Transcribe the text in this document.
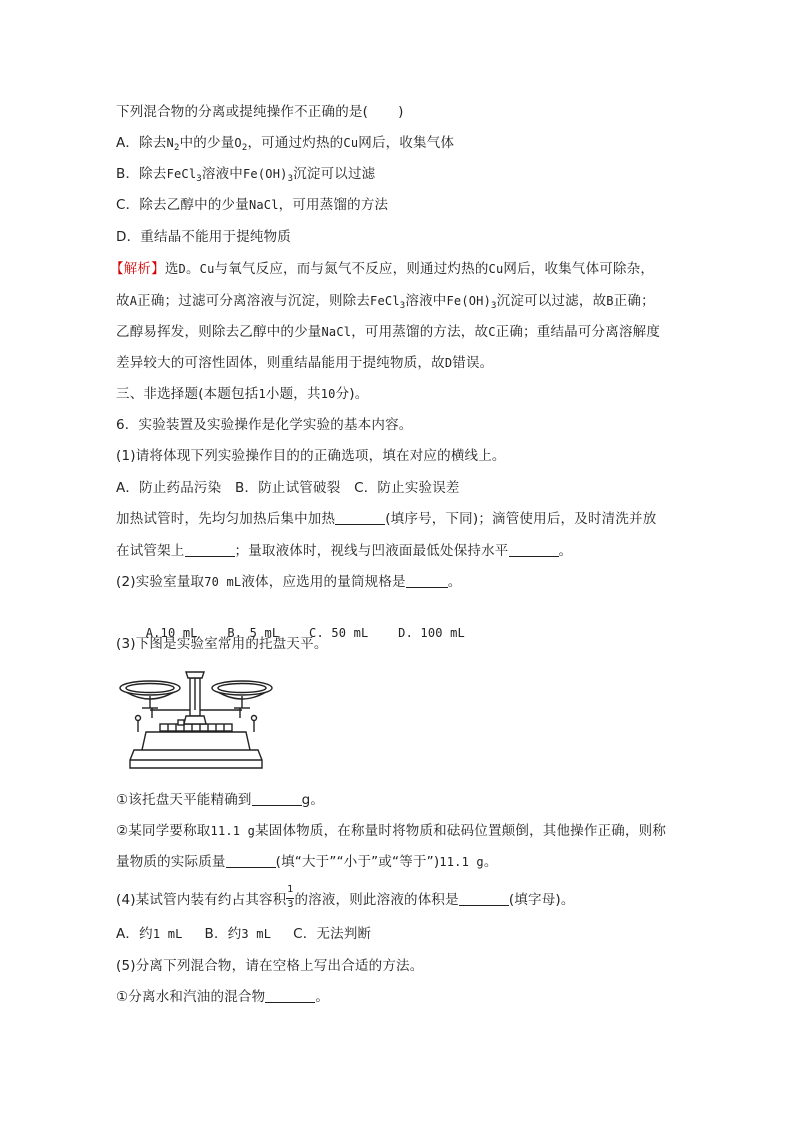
下列混合物的分离或提纯操作不正确的是( )
A．除去$N_2$中的少量$O_2$，可通过灼热的Cu网后，收集气体
B．除去FeCl$_3$溶液中$Fe(OH)_3$沉淀可以过滤
C．除去乙醇中的少量NaCl，可用蒸馏的方法
D．重结晶不能用于提纯物质
【解析】选D。Cu与氧气反应，而与氮气不反应，则通过灼热的Cu网后，收集气体可除杂，
故A正确；过滤可分离溶液与沉淀，则除去FeCl$_3$溶液中$Fe(OH)_3$沉淀可以过滤，故B正确；
乙醇易挥发，则除去乙醇中的少量NaCl，可用蒸馏的方法，故C正确；重结晶可分离溶解度
差异较大的可溶性固体，则重结晶能用于提纯物质，故D错误。
三、非选择题(本题包括1小题，共10分)。
6．实验装置及实验操作是化学实验的基本内容。
(1)请将体现下列实验操作目的的正确选项，填在对应的横线上。
A．防止药品污染　B．防止试管破裂　C．防止实验误差
加热试管时，先均匀加热后集中加热	(填序号，下同)；滴管使用后，及时清洗并放
在试管架上	；量取液体时，视线与凹液面最低处保持水平	。
(2)实验室量取70 mL液体，应选用的量筒规格是	。

A.10 mL    B. 5 mL    C. 50 mL    D. 100 mL

(3)下图是实验室常用的托盘天平。
①该托盘天平能精确到	g。
②某同学要称取11.1 g某固体物质，在称量时将物质和砝码位置颠倒，其他操作正确，则称
量物质的实际质量	(填“大于”“小于”或“等于”)11.1 g。
(4)某试管内装有约占其容积 $\frac{1}{3}$ 的溶液，则此溶液的体积是	(填字母)。
A．约1 mL B．约3 mL C．无法判断
(5)分离下列混合物，请在空格上写出合适的方法。
①分离水和汽油的混合物	。
